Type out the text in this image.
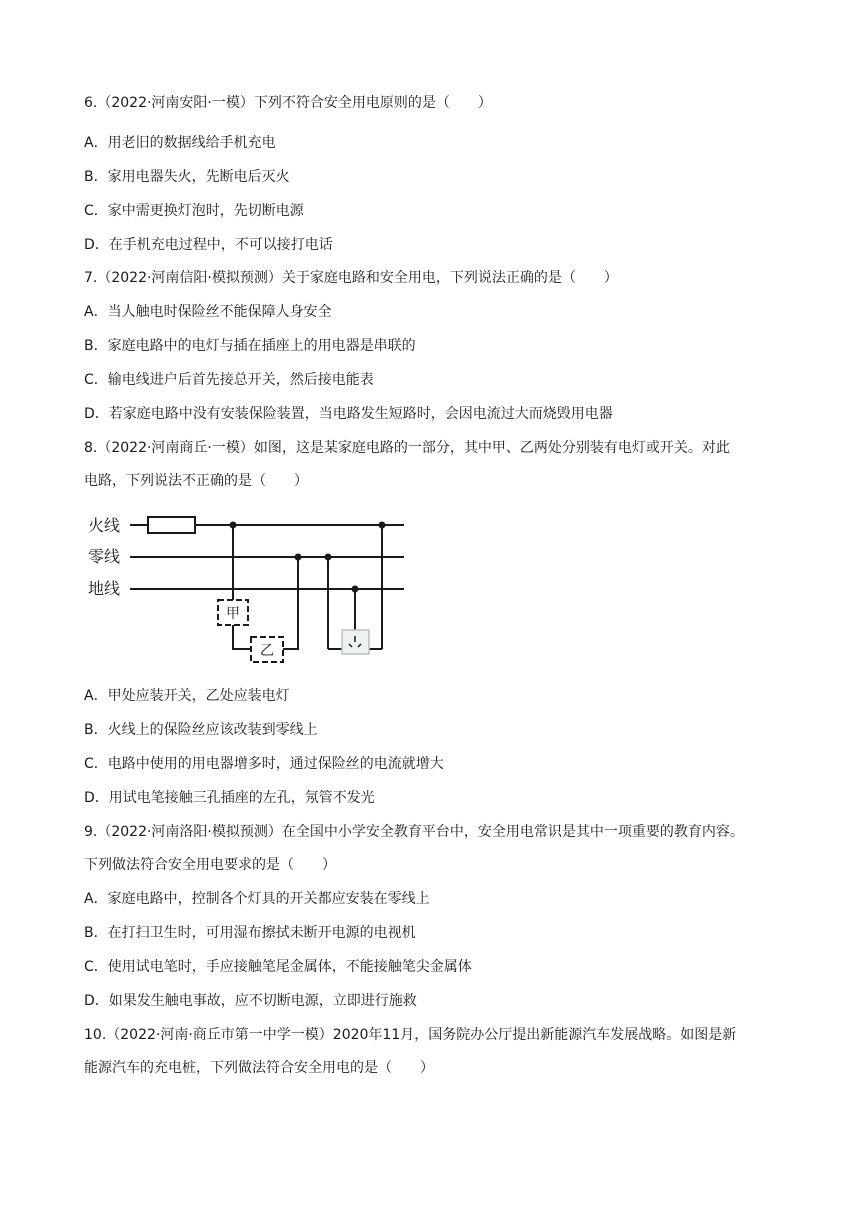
6.（2022·河南安阳·一模）下列不符合安全用电原则的是（　　）
A．用老旧的数据线给手机充电
B．家用电器失火，先断电后灭火
C．家中需更换灯泡时，先切断电源
D．在手机充电过程中，不可以接打电话
7.（2022·河南信阳·模拟预测）关于家庭电路和安全用电，下列说法正确的是（　　）
A．当人触电时保险丝不能保障人身安全
B．家庭电路中的电灯与插在插座上的用电器是串联的
C．输电线进户后首先接总开关，然后接电能表
D．若家庭电路中没有安装保险装置，当电路发生短路时，会因电流过大而烧毁用电器
8.（2022·河南商丘·一模）如图，这是某家庭电路的一部分，其中甲、乙两处分别装有电灯或开关。对此
电路，下列说法不正确的是（　　）
火线
零线
地线
甲
乙
A．甲处应装开关，乙处应装电灯
B．火线上的保险丝应该改装到零线上
C．电路中使用的用电器增多时，通过保险丝的电流就增大
D．用试电笔接触三孔插座的左孔，氖管不发光
9.（2022·河南洛阳·模拟预测）在全国中小学安全教育平台中，安全用电常识是其中一项重要的教育内容。
下列做法符合安全用电要求的是（　　）
A．家庭电路中，控制各个灯具的开关都应安装在零线上
B．在打扫卫生时，可用湿布擦拭未断开电源的电视机
C．使用试电笔时，手应接触笔尾金属体，不能接触笔尖金属体
D．如果发生触电事故，应不切断电源，立即进行施救
10.（2022·河南·商丘市第一中学一模）2020年11月，国务院办公厅提出新能源汽车发展战略。如图是新
能源汽车的充电桩，下列做法符合安全用电的是（　　）
